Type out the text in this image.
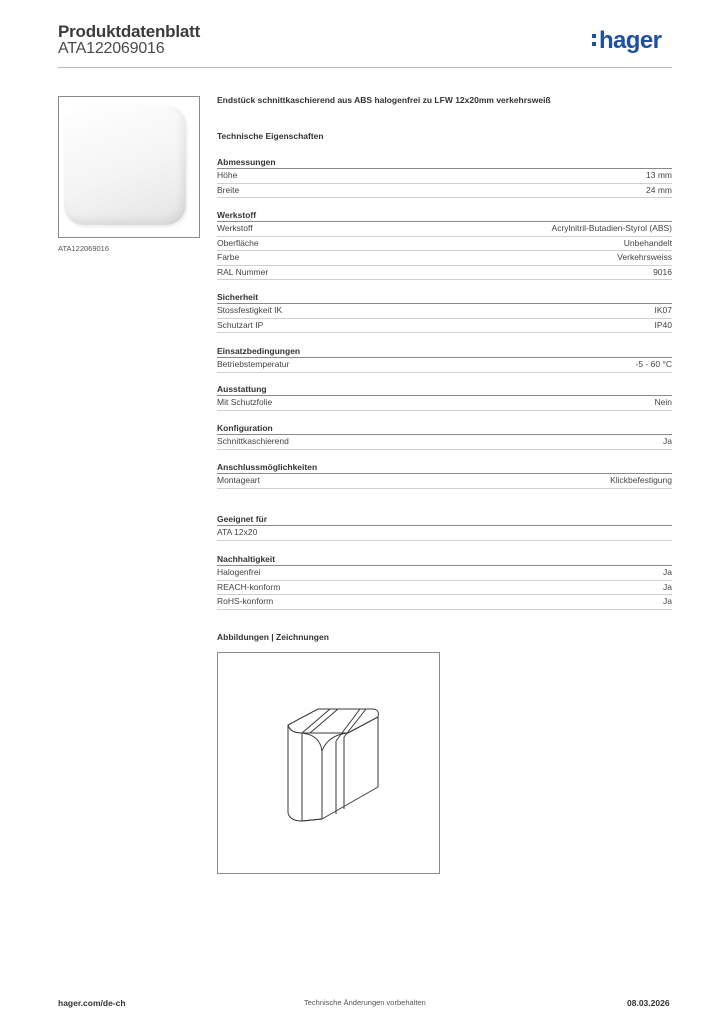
Produktdatenblatt
ATA122069016	hager
ATA122069016
Endstück schnittkaschierend aus ABS halogenfrei zu LFW 12x20mm verkehrsweiß
Technische Eigenschaften
Abmessungen
Höhe	13 mm
Breite	24 mm
Werkstoff
Werkstoff	Acrylnitril-Butadien-Styrol (ABS)
Oberfläche	Unbehandelt
Farbe	Verkehrsweiss
RAL Nummer	9016
Sicherheit
Stossfestigkeit IK	IK07
Schutzart IP	IP40
Einsatzbedingungen
Betriebstemperatur	-5 - 60 °C
Ausstattung
Mit Schutzfolie	Nein
Konfiguration
Schnittkaschierend	Ja
Anschlussmöglichkeiten
Montageart	Klickbefestigung
Geeignet für
ATA 12x20
Nachhaltigkeit
Halogenfrei	Ja
REACH-konform	Ja
RoHS-konform	Ja
Abbildungen | Zeichnungen
hager.com/de-ch	Technische Änderungen vorbehalten	08.03.2026
